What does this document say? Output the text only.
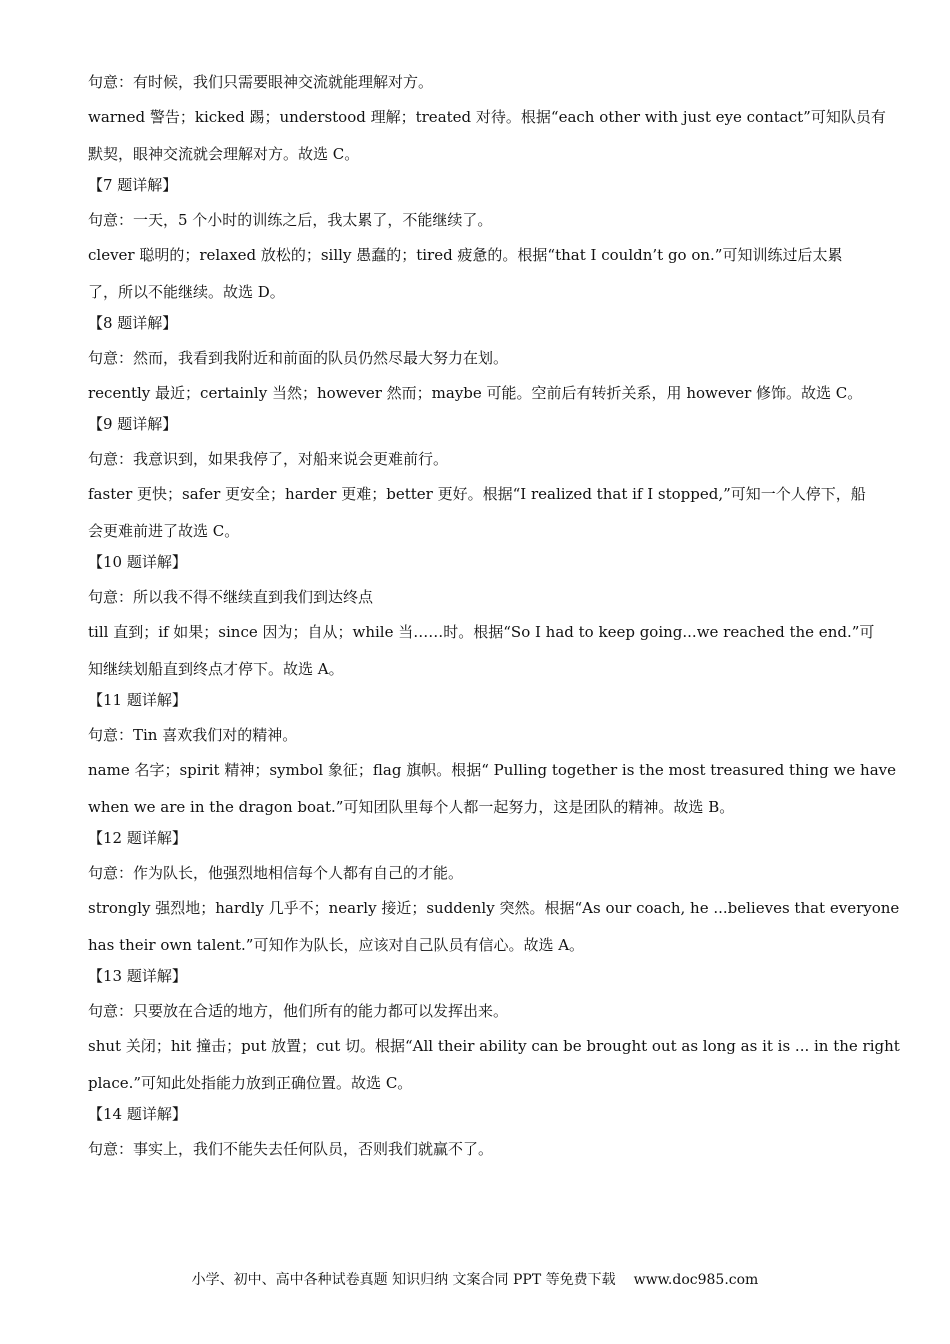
句意：有时候，我们只需要眼神交流就能理解对方。
warned 警告；kicked 踢；understood 理解；treated 对待。根据“each other with just eye contact”可知队员有
默契，眼神交流就会理解对方。故选 C。
【7 题详解】
句意：一天，5 个小时的训练之后，我太累了，不能继续了。
clever 聪明的；relaxed 放松的；silly 愚蠢的；tired 疲惫的。根据“that I couldn’t go on.”可知训练过后太累
了，所以不能继续。故选 D。
【8 题详解】
句意：然而，我看到我附近和前面的队员仍然尽最大努力在划。
recently 最近；certainly 当然；however 然而；maybe 可能。空前后有转折关系，用 however 修饰。故选 C。
【9 题详解】
句意：我意识到，如果我停了，对船来说会更难前行。
faster 更快；safer 更安全；harder 更难；better 更好。根据“I realized that if I stopped,”可知一个人停下，船
会更难前进了故选 C。
【10 题详解】
句意：所以我不得不继续直到我们到达终点
till 直到；if 如果；since 因为；自从；while 当……时。根据“So I had to keep going...we reached the end.”可
知继续划船直到终点才停下。故选 A。
【11 题详解】
句意：Tin 喜欢我们对的精神。
name 名字；spirit 精神；symbol 象征；flag 旗帜。根据“ Pulling together is the most treasured thing we have
when we are in the dragon boat.”可知团队里每个人都一起努力，这是团队的精神。故选 B。
【12 题详解】
句意：作为队长，他强烈地相信每个人都有自己的才能。
strongly 强烈地；hardly 几乎不；nearly 接近；suddenly 突然。根据“As our coach, he ...believes that everyone
has their own talent.”可知作为队长，应该对自己队员有信心。故选 A。
【13 题详解】
句意：只要放在合适的地方，他们所有的能力都可以发挥出来。
shut 关闭；hit 撞击；put 放置；cut 切。根据“All their ability can be brought out as long as it is ... in the right
place.”可知此处指能力放到正确位置。故选 C。
【14 题详解】
句意：事实上，我们不能失去任何队员，否则我们就赢不了。
小学、初中、高中各种试卷真题 知识归纳 文案合同 PPT 等免费下载 www.doc985.com
